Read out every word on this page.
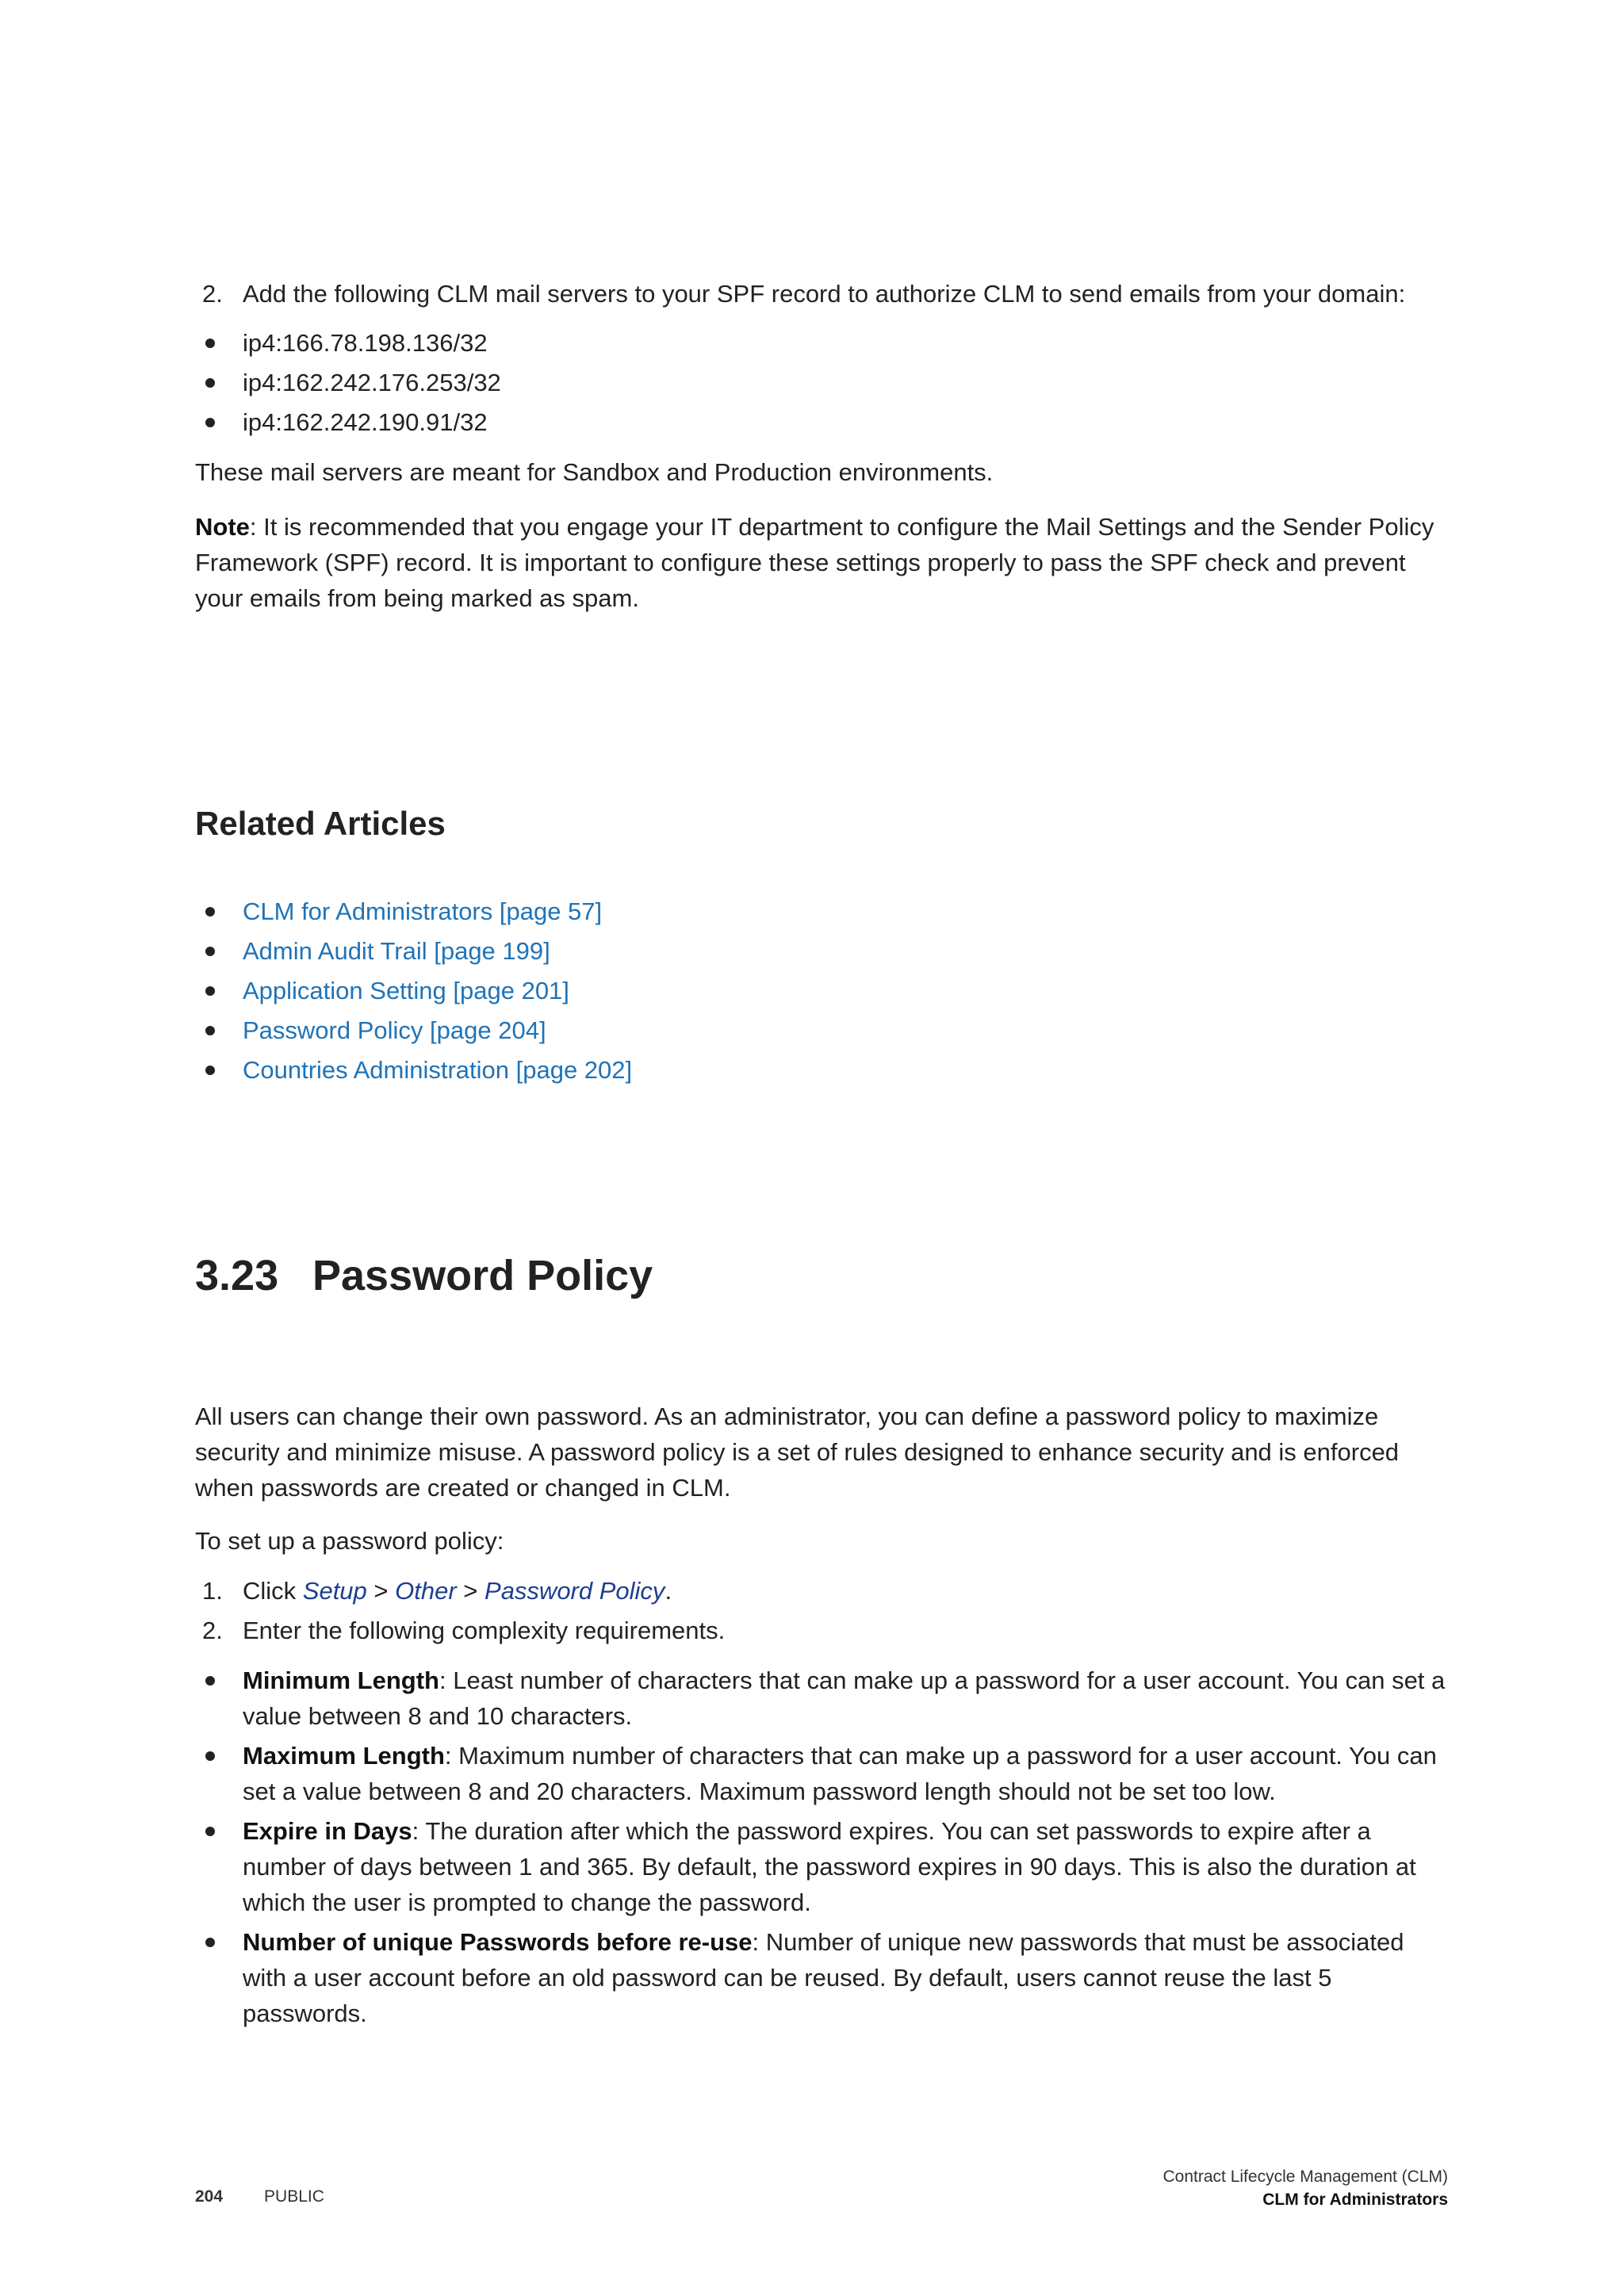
2. Add the following CLM mail servers to your SPF record to authorize CLM to send emails from your domain:
ip4:166.78.198.136/32
ip4:162.242.176.253/32
ip4:162.242.190.91/32

These mail servers are meant for Sandbox and Production environments.

Note: It is recommended that you engage your IT department to configure the Mail Settings and the Sender Policy Framework (SPF) record. It is important to configure these settings properly to pass the SPF check and prevent your emails from being marked as spam.

Related Articles
CLM for Administrators [page 57]
Admin Audit Trail [page 199]
Application Setting [page 201]
Password Policy [page 204]
Countries Administration [page 202]
3.23 Password Policy

All users can change their own password. As an administrator, you can define a password policy to maximize security and minimize misuse. A password policy is a set of rules designed to enhance security and is enforced when passwords are created or changed in CLM.

To set up a password policy:

1. Click Setup > Other > Password Policy.
2. Enter the following complexity requirements.
Minimum Length: Least number of characters that can make up a password for a user account. You can set a value between 8 and 10 characters.
Maximum Length: Maximum number of characters that can make up a password for a user account. You can set a value between 8 and 20 characters. Maximum password length should not be set too low.
Expire in Days: The duration after which the password expires. You can set passwords to expire after a number of days between 1 and 365. By default, the password expires in 90 days. This is also the duration at which the user is prompted to change the password.
Number of unique Passwords before re-use: Number of unique new passwords that must be associated with a user account before an old password can be reused. By default, users cannot reuse the last 5 passwords.
204 PUBLIC
Contract Lifecycle Management (CLM)
CLM for Administrators
